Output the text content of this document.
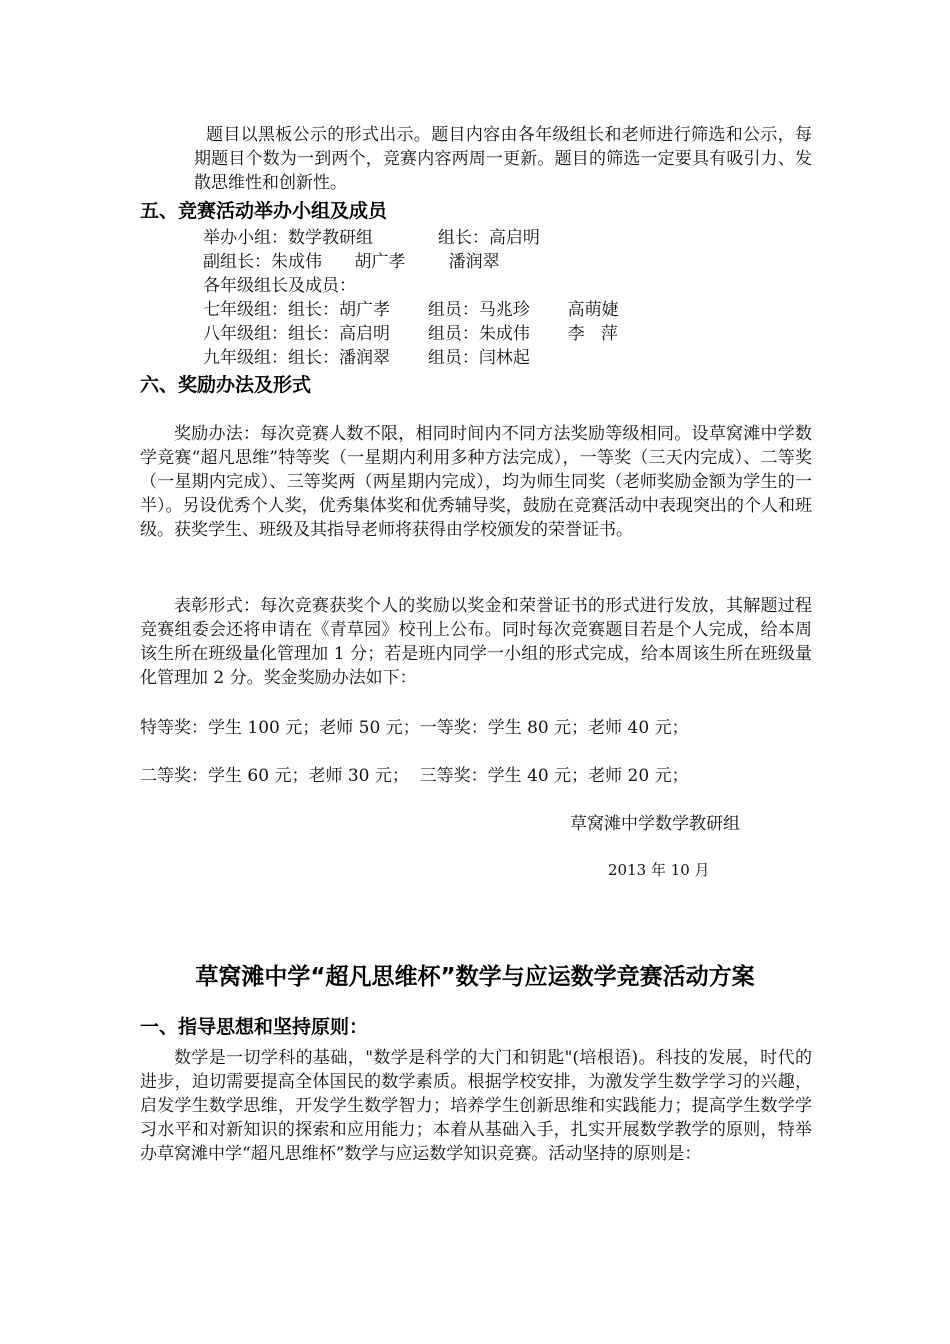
题目以黑板公示的形式出示。题目内容由各年级组长和老师进行筛选和公示，每期题目个数为一到两个，竞赛内容两周一更新。题目的筛选一定要具有吸引力、发散思维性和创新性。

五、竞赛活动举办小组及成员
举办小组：数学教研组            组长：高启明
副组长：朱成伟      胡广孝        潘润翠
各年级组长及成员：
七年级组：组长：胡广孝       组员：马兆珍       高萌婕
八年级组：组长：高启明       组员：朱成伟       李   萍
九年级组：组长：潘润翠       组员：闫林起
六、奖励办法及形式

奖励办法：每次竞赛人数不限，相同时间内不同方法奖励等级相同。设草窝滩中学数学竞赛“超凡思维”特等奖（一星期内利用多种方法完成），一等奖（三天内完成）、二等奖（一星期内完成）、三等奖两（两星期内完成），均为师生同奖（老师奖励金额为学生的一半）。另设优秀个人奖，优秀集体奖和优秀辅导奖，鼓励在竞赛活动中表现突出的个人和班级。获奖学生、班级及其指导老师将获得由学校颁发的荣誉证书。

表彰形式：每次竞赛获奖个人的奖励以奖金和荣誉证书的形式进行发放，其解题过程竞赛组委会还将申请在《青草园》校刊上公布。同时每次竞赛题目若是个人完成，给本周该生所在班级量化管理加 1 分；若是班内同学一小组的形式完成，给本周该生所在班级量化管理加 2 分。奖金奖励办法如下：

特等奖：学生 100 元；老师 50 元；一等奖：学生 80 元；老师 40 元；
二等奖：学生 60 元；老师 30 元；  三等奖：学生 40 元；老师 20 元；
草窝滩中学数学教研组
2013 年 10 月
草窝滩中学“超凡思维杯”数学与应运数学竞赛活动方案
一、指导思想和坚持原则：

数学是一切学科的基础，"数学是科学的大门和钥匙"(培根语)。科技的发展，时代的进步，迫切需要提高全体国民的数学素质。根据学校安排，为激发学生数学学习的兴趣，启发学生数学思维，开发学生数学智力；培养学生创新思维和实践能力；提高学生数学学习水平和对新知识的探索和应用能力；本着从基础入手，扎实开展数学教学的原则，特举办草窝滩中学“超凡思维杯”数学与应运数学知识竞赛。活动坚持的原则是：
